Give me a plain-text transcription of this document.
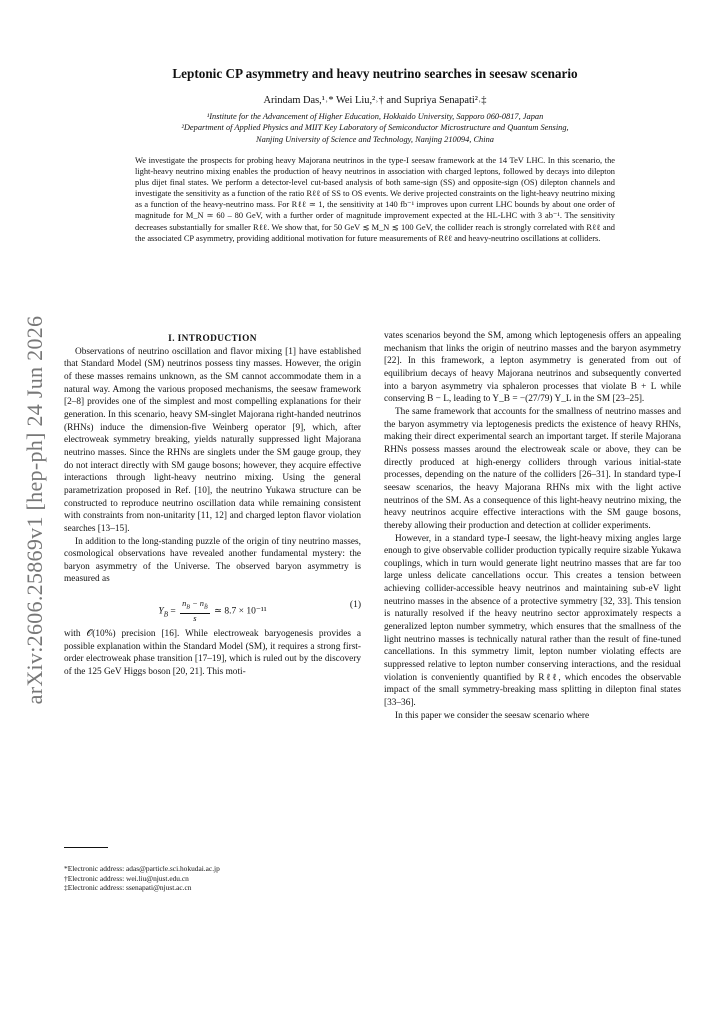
arXiv:2606.25869v1 [hep-ph] 24 Jun 2026
Leptonic CP asymmetry and heavy neutrino searches in seesaw scenario
Arindam Das,¹˒* Wei Liu,²˒† and Supriya Senapati²˒‡
¹Institute for the Advancement of Higher Education, Hokkaido University, Sapporo 060-0817, Japan
²Department of Applied Physics and MIIT Key Laboratory of Semiconductor Microstructure and Quantum Sensing,
Nanjing University of Science and Technology, Nanjing 210094, China
We investigate the prospects for probing heavy Majorana neutrinos in the type-I seesaw framework at the 14 TeV LHC. In this scenario, the light-heavy neutrino mixing enables the production of heavy neutrinos in association with charged leptons, followed by decays into dilepton plus dijet final states. We perform a detector-level cut-based analysis of both same-sign (SS) and opposite-sign (OS) dilepton channels and investigate the sensitivity as a function of the ratio Rℓℓ of SS to OS events. We derive projected constraints on the light-heavy neutrino mixing as a function of the heavy-neutrino mass. For Rℓℓ ≃ 1, the sensitivity at 140 fb⁻¹ improves upon current LHC bounds by about one order of magnitude for M_N ≃ 60 – 80 GeV, with a further order of magnitude improvement expected at the HL-LHC with 3 ab⁻¹. The sensitivity decreases substantially for smaller Rℓℓ. We show that, for 50 GeV ≲ M_N ≲ 100 GeV, the collider reach is strongly correlated with Rℓℓ and the associated CP asymmetry, providing additional motivation for future measurements of Rℓℓ and heavy-neutrino oscillations at colliders.

I. INTRODUCTION

Observations of neutrino oscillation and flavor mixing [1] have established that Standard Model (SM) neutrinos possess tiny masses. However, the origin of these masses remains unknown, as the SM cannot accommodate them in a natural way. Among the various proposed mechanisms, the seesaw framework [2–8] provides one of the simplest and most compelling explanations for their generation. In this scenario, heavy SM-singlet Majorana right-handed neutrinos (RHNs) induce the dimension-five Weinberg operator [9], which, after electroweak symmetry breaking, yields naturally suppressed light Majorana neutrino masses. Since the RHNs are singlets under the SM gauge group, they do not interact directly with SM gauge bosons; however, they acquire effective interactions through light-heavy neutrino mixing. Using the general parametrization proposed in Ref. [10], the neutrino Yukawa structure can be constructed to reproduce neutrino oscillation data while remaining consistent with constraints from non-unitarity [11, 12] and charged lepton flavor violation searches [13–15].

In addition to the long-standing puzzle of the origin of tiny neutrino masses, cosmological observations have revealed another fundamental mystery: the baryon asymmetry of the Universe. The observed baryon asymmetry is measured as

$Y_B = \frac{n_B - n_{B̄}}{s}$ ≃ 8.7 × 10⁻¹¹
(1)

with 𝒪(10%) precision [16]. While electroweak baryogenesis provides a possible explanation within the Standard Model (SM), it requires a strong first-order electroweak phase transition [17–19], which is ruled out by the discovery of the 125 GeV Higgs boson [20, 21]. This moti-

vates scenarios beyond the SM, among which leptogenesis offers an appealing mechanism that links the origin of neutrino masses and the baryon asymmetry [22]. In this framework, a lepton asymmetry is generated from out of equilibrium decays of heavy Majorana neutrinos and subsequently converted into a baryon asymmetry via sphaleron processes that violate B + L while conserving B − L, leading to Y_B = −(27/79) Y_L in the SM [23–25].

The same framework that accounts for the smallness of neutrino masses and the baryon asymmetry via leptogenesis predicts the existence of heavy RHNs, making their direct experimental search an important target. If sterile Majorana RHNs possess masses around the electroweak scale or above, they can be directly produced at high-energy colliders through various initial-state processes, depending on the nature of the colliders [26–31]. In standard type-I seesaw scenarios, the heavy Majorana RHNs mix with the light active neutrinos of the SM. As a consequence of this light-heavy neutrino mixing, the heavy neutrinos acquire effective interactions with the SM gauge bosons, thereby allowing their production and detection at collider experiments.

However, in a standard type-I seesaw, the light-heavy mixing angles large enough to give observable collider production typically require sizable Yukawa couplings, which in turn would generate light neutrino masses that are far too large unless delicate cancellations occur. This creates a tension between achieving collider-accessible heavy neutrinos and maintaining sub-eV light neutrino masses in the absence of a protective symmetry [32, 33]. This tension is naturally resolved if the heavy neutrino sector approximately respects a generalized lepton number symmetry, which ensures that the smallness of the light neutrino masses is technically natural rather than the result of fine-tuned cancellations. In this symmetry limit, lepton number violating effects are suppressed relative to lepton number conserving interactions, and the residual violation is conveniently quantified by Rℓℓ, which encodes the observable impact of the small symmetry-breaking mass splitting in dilepton final states [33–36].

In this paper we consider the seesaw scenario where

*Electronic address: adas@particle.sci.hokudai.ac.jp
†Electronic address: wei.liu@njust.edu.cn
‡Electronic address: ssenapati@njust.ac.cn
